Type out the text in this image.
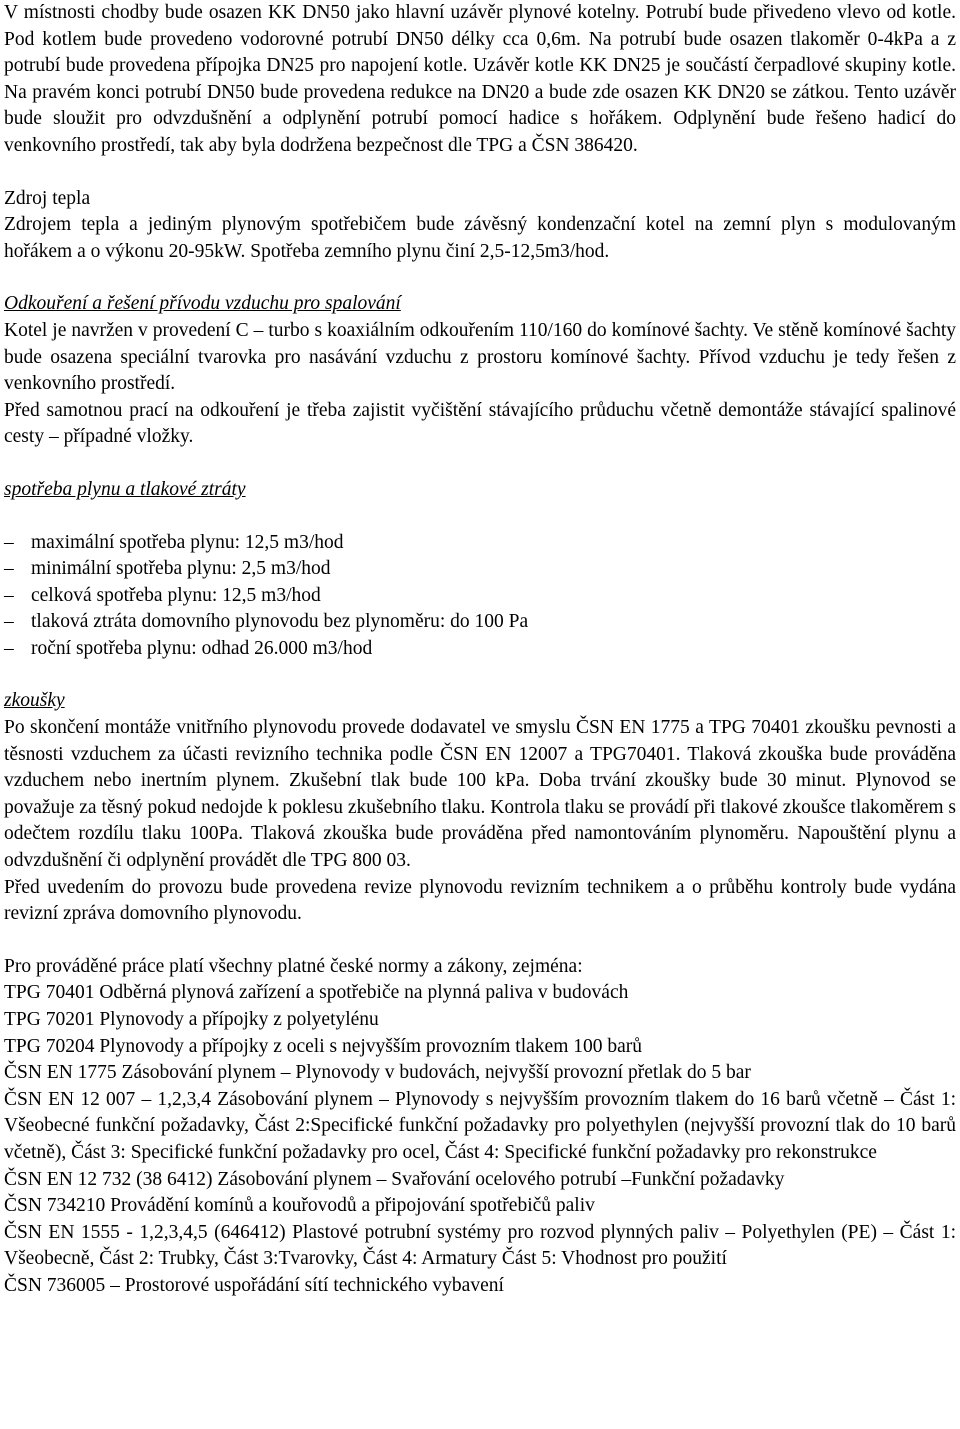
V místnosti chodby bude osazen KK DN50 jako hlavní uzávěr plynové kotelny. Potrubí bude přivedeno vlevo od kotle. Pod kotlem bude provedeno vodorovné potrubí DN50 délky cca 0,6m. Na potrubí bude osazen tlakoměr 0-4kPa a z potrubí bude provedena přípojka DN25 pro napojení kotle. Uzávěr kotle KK DN25 je součástí čerpadlové skupiny kotle. Na pravém konci potrubí DN50 bude provedena redukce na DN20 a bude zde osazen KK DN20 se zátkou. Tento uzávěr bude sloužit pro odvzdušnění a odplynění potrubí pomocí hadice s hořákem. Odplynění bude řešeno hadicí do venkovního prostředí, tak aby byla dodržena bezpečnost dle TPG a ČSN 386420.

Zdroj tepla

Zdrojem tepla a jediným plynovým spotřebičem bude závěsný kondenzační kotel na zemní plyn s modulovaným hořákem a o výkonu 20-95kW. Spotřeba zemního plynu činí 2,5-12,5m3/hod.

Odkouření a řešení přívodu vzduchu pro spalování

Kotel je navržen v provedení C – turbo s koaxiálním odkouřením 110/160 do komínové šachty. Ve stěně komínové šachty bude osazena speciální tvarovka pro nasávání vzduchu z prostoru komínové šachty. Přívod vzduchu je tedy řešen z venkovního prostředí.

Před samotnou prací na odkouření je třeba zajistit vyčištění stávajícího průduchu včetně demontáže stávající spalinové cesty – případné vložky.

spotřeba plynu a tlakové ztráty

– maximální spotřeba plynu: 12,5 m3/hod
– minimální spotřeba plynu: 2,5 m3/hod
– celková spotřeba plynu: 12,5 m3/hod
– tlaková ztráta domovního plynovodu bez plynoměru: do 100 Pa
– roční spotřeba plynu: odhad 26.000 m3/hod

zkoušky

Po skončení montáže vnitřního plynovodu provede dodavatel ve smyslu ČSN EN 1775 a TPG 70401 zkoušku pevnosti a těsnosti vzduchem za účasti revizního technika podle ČSN EN 12007 a TPG70401. Tlaková zkouška bude prováděna vzduchem nebo inertním plynem. Zkušební tlak bude 100 kPa. Doba trvání zkoušky bude 30 minut. Plynovod se považuje za těsný pokud nedojde k poklesu zkušebního tlaku. Kontrola tlaku se provádí při tlakové zkoušce tlakoměrem s odečtem rozdílu tlaku 100Pa. Tlaková zkouška bude prováděna před namontováním plynoměru. Napouštění plynu a odvzdušnění či odplynění provádět dle TPG 800 03.

Před uvedením do provozu bude provedena revize plynovodu revizním technikem a o průběhu kontroly bude vydána revizní zpráva domovního plynovodu.

Pro prováděné práce platí všechny platné české normy a zákony, zejména:

TPG 70401 Odběrná plynová zařízení a spotřebiče na plynná paliva v budovách

TPG 70201 Plynovody a přípojky z polyetylénu

TPG 70204 Plynovody a přípojky z oceli s nejvyšším provozním tlakem 100 barů

ČSN EN 1775 Zásobování plynem – Plynovody v budovách, nejvyšší provozní přetlak do 5 bar

ČSN EN 12 007 – 1,2,3,4 Zásobování plynem – Plynovody s nejvyšším provozním tlakem do 16 barů včetně – Část 1: Všeobecné funkční požadavky, Část 2:Specifické funkční požadavky pro polyethylen (nejvyšší provozní tlak do 10 barů včetně), Část 3: Specifické funkční požadavky pro ocel, Část 4: Specifické funkční požadavky pro rekonstrukce

ČSN EN 12 732 (38 6412) Zásobování plynem – Svařování ocelového potrubí –Funkční požadavky

ČSN 734210 Provádění komínů a kouřovodů a připojování spotřebičů paliv

ČSN EN 1555 - 1,2,3,4,5 (646412) Plastové potrubní systémy pro rozvod plynných paliv – Polyethylen (PE) – Část 1: Všeobecně, Část 2: Trubky, Část 3:Tvarovky, Část 4: Armatury Část 5: Vhodnost pro použití

ČSN 736005 – Prostorové uspořádání sítí technického vybavení
